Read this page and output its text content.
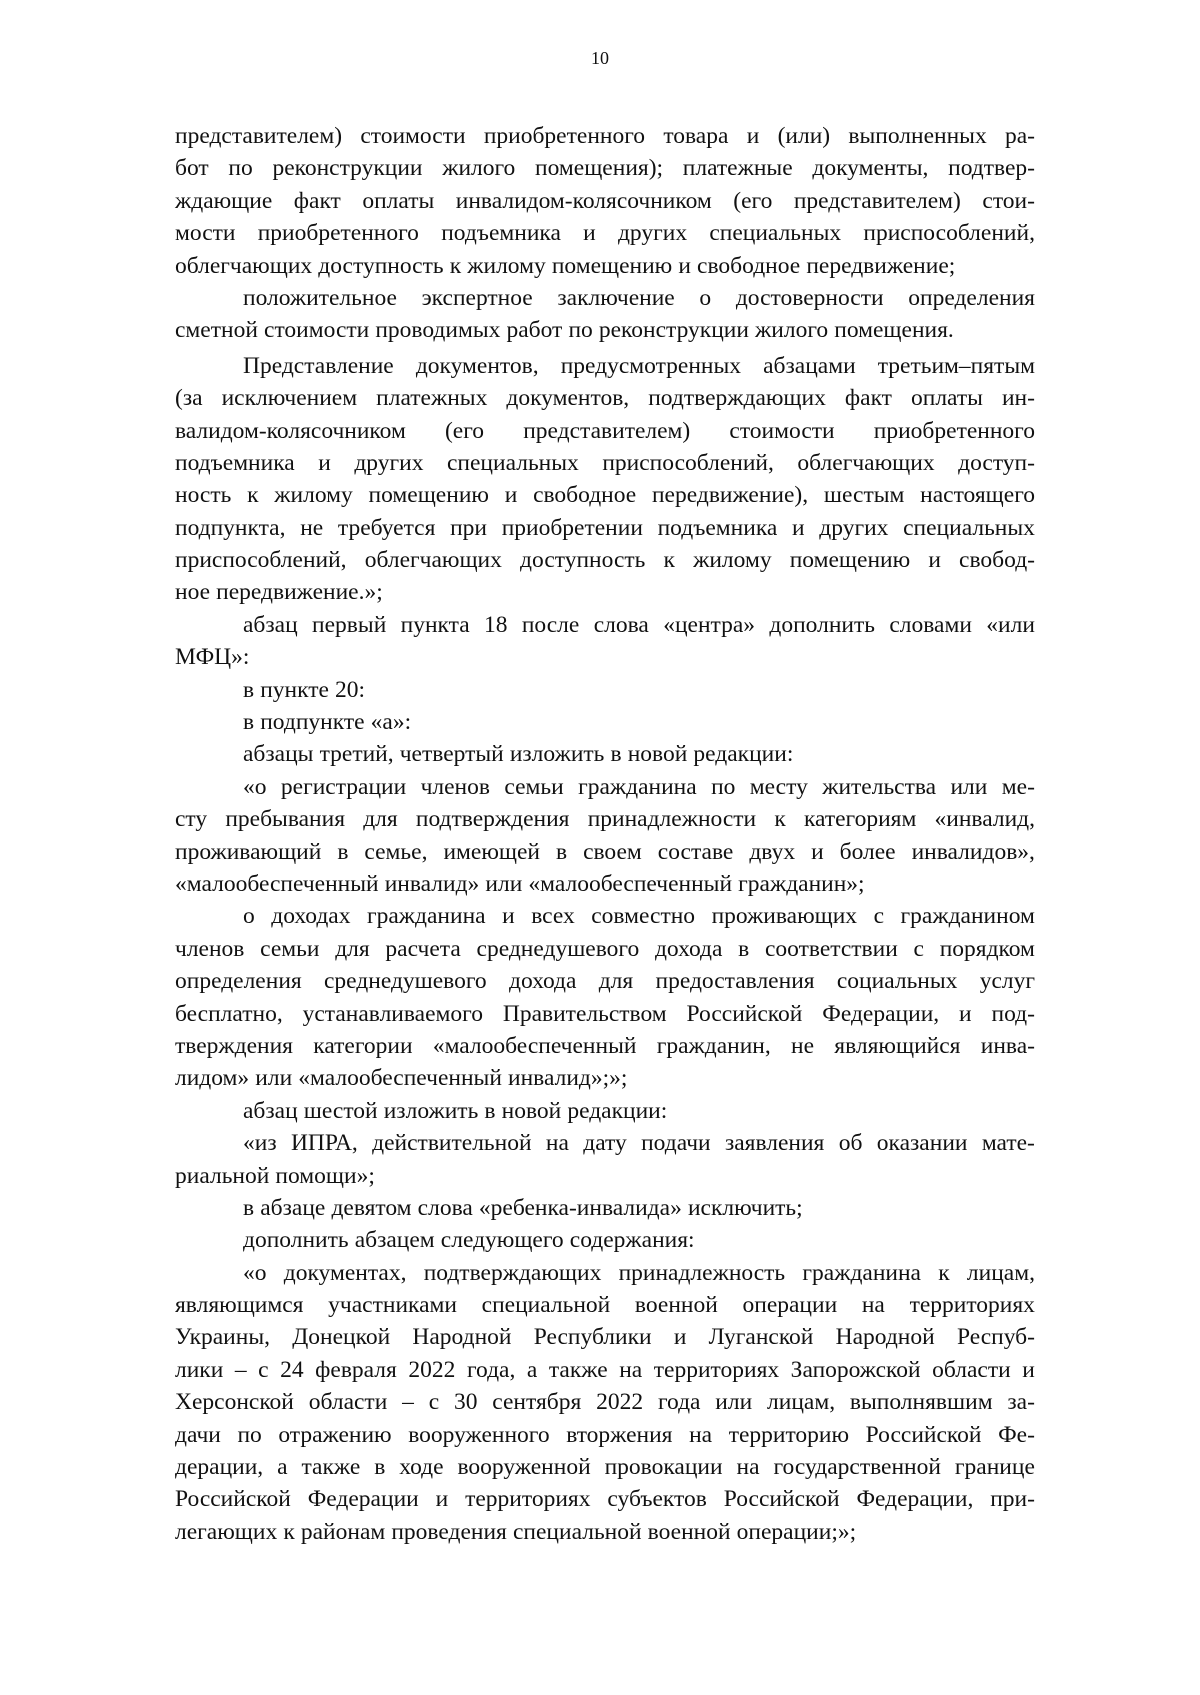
10
представителем) стоимости приобретенного товара и (или) выполненных ра-
бот по реконструкции жилого помещения); платежные документы, подтвер-
ждающие факт оплаты инвалидом-колясочником (его представителем) стои-
мости приобретенного подъемника и других специальных приспособлений,
облегчающих доступность к жилому помещению и свободное передвижение;
положительное экспертное заключение о достоверности определения
сметной стоимости проводимых работ по реконструкции жилого помещения.
Представление документов, предусмотренных абзацами третьим–пятым
(за исключением платежных документов, подтверждающих факт оплаты ин-
валидом-колясочником (его представителем) стоимости приобретенного
подъемника и других специальных приспособлений, облегчающих доступ-
ность к жилому помещению и свободное передвижение), шестым настоящего
подпункта, не требуется при приобретении подъемника и других специальных
приспособлений, облегчающих доступность к жилому помещению и свобод-
ное передвижение.»;
абзац первый пункта 18 после слова «центра» дополнить словами «или
МФЦ»:
в пункте 20:
в подпункте «а»:
абзацы третий, четвертый изложить в новой редакции:
«о регистрации членов семьи гражданина по месту жительства или ме-
сту пребывания для подтверждения принадлежности к категориям «инвалид,
проживающий в семье, имеющей в своем составе двух и более инвалидов»,
«малообеспеченный инвалид» или «малообеспеченный гражданин»;
о доходах гражданина и всех совместно проживающих с гражданином
членов семьи для расчета среднедушевого дохода в соответствии с порядком
определения среднедушевого дохода для предоставления социальных услуг
бесплатно, устанавливаемого Правительством Российской Федерации, и под-
тверждения категории «малообеспеченный гражданин, не являющийся инва-
лидом» или «малообеспеченный инвалид»;»;
абзац шестой изложить в новой редакции:
«из ИПРА, действительной на дату подачи заявления об оказании мате-
риальной помощи»;
в абзаце девятом слова «ребенка-инвалида» исключить;
дополнить абзацем следующего содержания:
«о документах, подтверждающих принадлежность гражданина к лицам,
являющимся участниками специальной военной операции на территориях
Украины, Донецкой Народной Республики и Луганской Народной Респуб-
лики – с 24 февраля 2022 года, а также на территориях Запорожской области и
Херсонской области – с 30 сентября 2022 года или лицам, выполнявшим за-
дачи по отражению вооруженного вторжения на территорию Российской Фе-
дерации, а также в ходе вооруженной провокации на государственной границе
Российской Федерации и территориях субъектов Российской Федерации, при-
легающих к районам проведения специальной военной операции;»;
